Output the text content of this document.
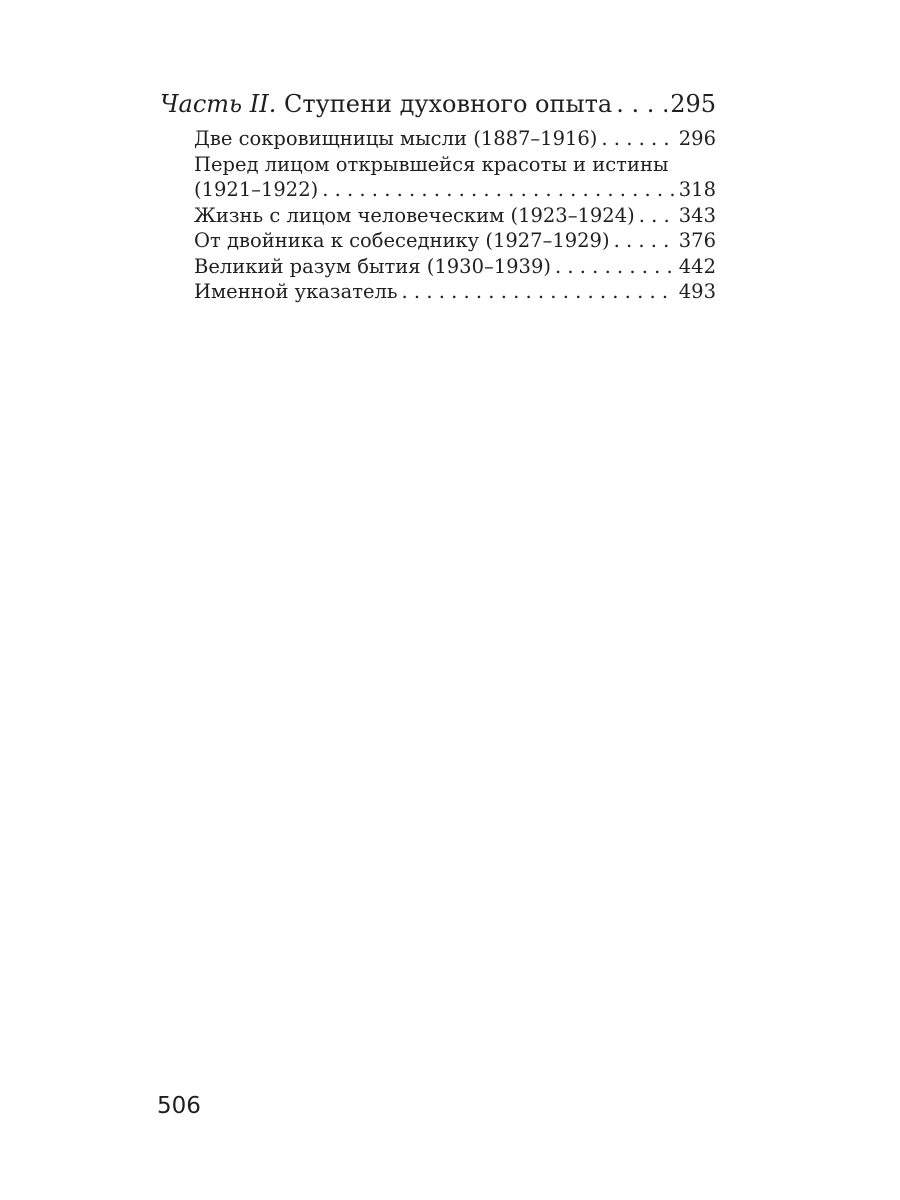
Часть II. Ступени духовного опыта . . . 295
Две сокровищницы мысли (1887–1916) . . .	296
Перед лицом открывшейся красоты и истины
(1921–1922) . . .	318
Жизнь с лицом человеческим (1923–1924) . . . 343
От двойника к собеседнику (1927–1929) . . .	376
Великий разум бытия (1930–1939) . . .	442
Именной указатель . . .	493
506
